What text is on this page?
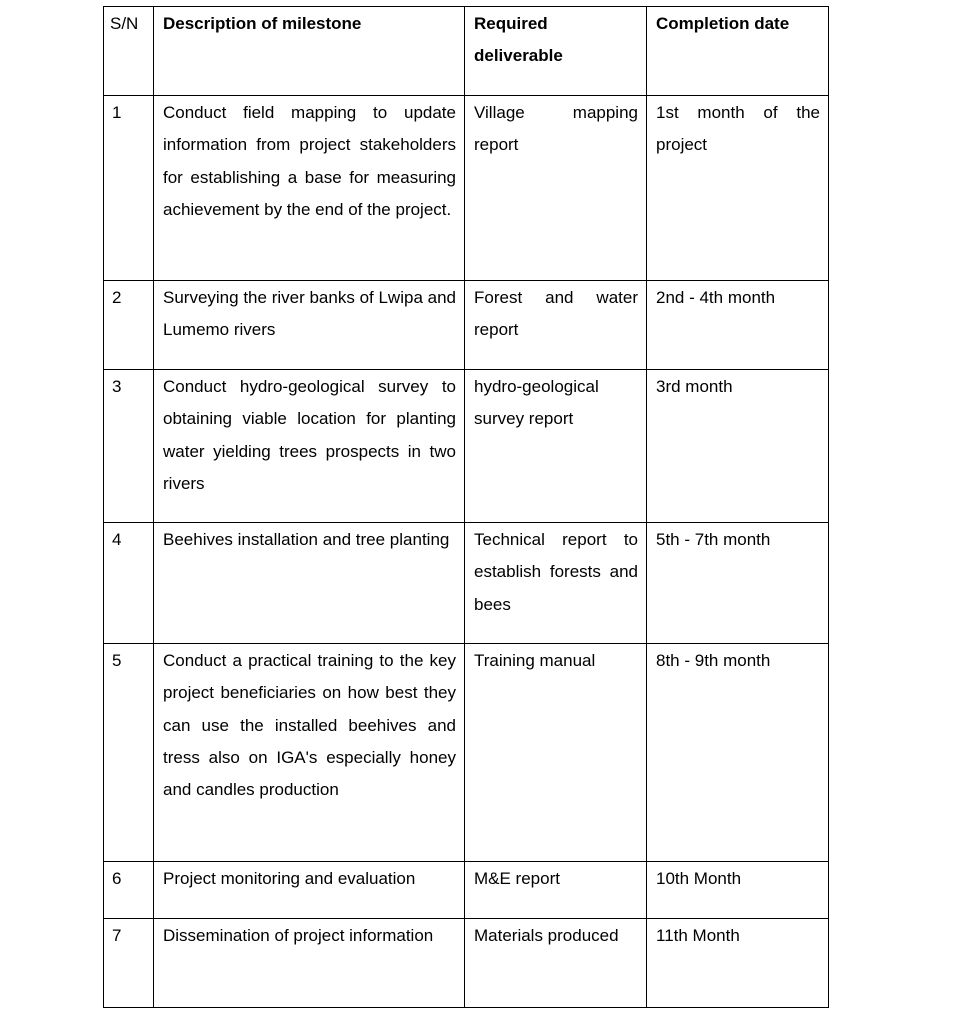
S/N	Description of milestone	Required deliverable	Completion date
1	Conduct field mapping to update information from project stakeholders for establishing a base for measuring achievement by the end of the project.	Village mapping report	1st month of the project
2	Surveying the river banks of Lwipa and Lumemo rivers	Forest and water report	2nd - 4th month
3	Conduct hydro-geological survey to obtaining viable location for planting water yielding trees prospects in two rivers	hydro-geological survey report	3rd month
4	Beehives installation and tree planting	Technical report to establish forests and bees	5th - 7th month
5	Conduct a practical training to the key project beneficiaries on how best they can use the installed beehives and tress also on IGA's especially honey and candles production	Training manual	8th - 9th month
6	Project monitoring and evaluation	M&E report	10th Month
7	Dissemination of project information	Materials produced	11th Month
